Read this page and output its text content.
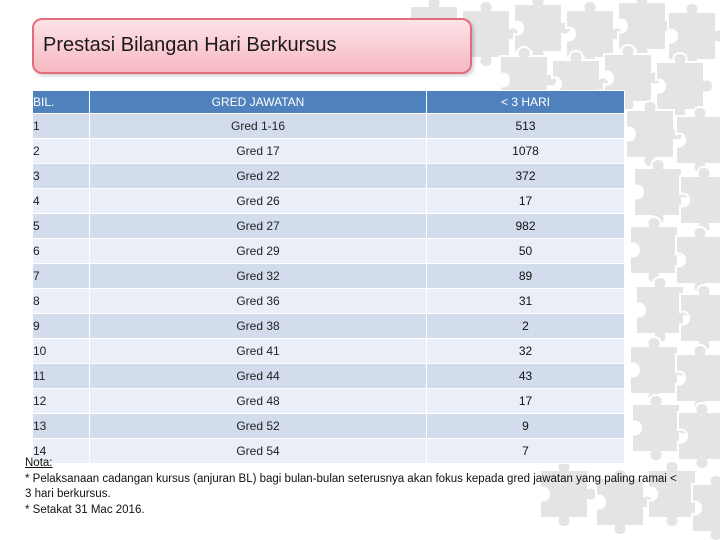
Prestasi Bilangan Hari Berkursus
BIL.	GRED JAWATAN	< 3 HARI
1	Gred 1-16	513
2	Gred 17	1078
3	Gred 22	372
4	Gred 26	17
5	Gred 27	982
6	Gred 29	50
7	Gred 32	89
8	Gred 36	31
9	Gred 38	2
10	Gred 41	32
11	Gred 44	43
12	Gred 48	17
13	Gred 52	9
14	Gred 54	7
Nota:
* Pelaksanaan cadangan kursus (anjuran BL) bagi bulan-bulan seterusnya akan fokus kepada gred jawatan yang paling ramai < 3 hari berkursus.
* Setakat 31 Mac 2016.
